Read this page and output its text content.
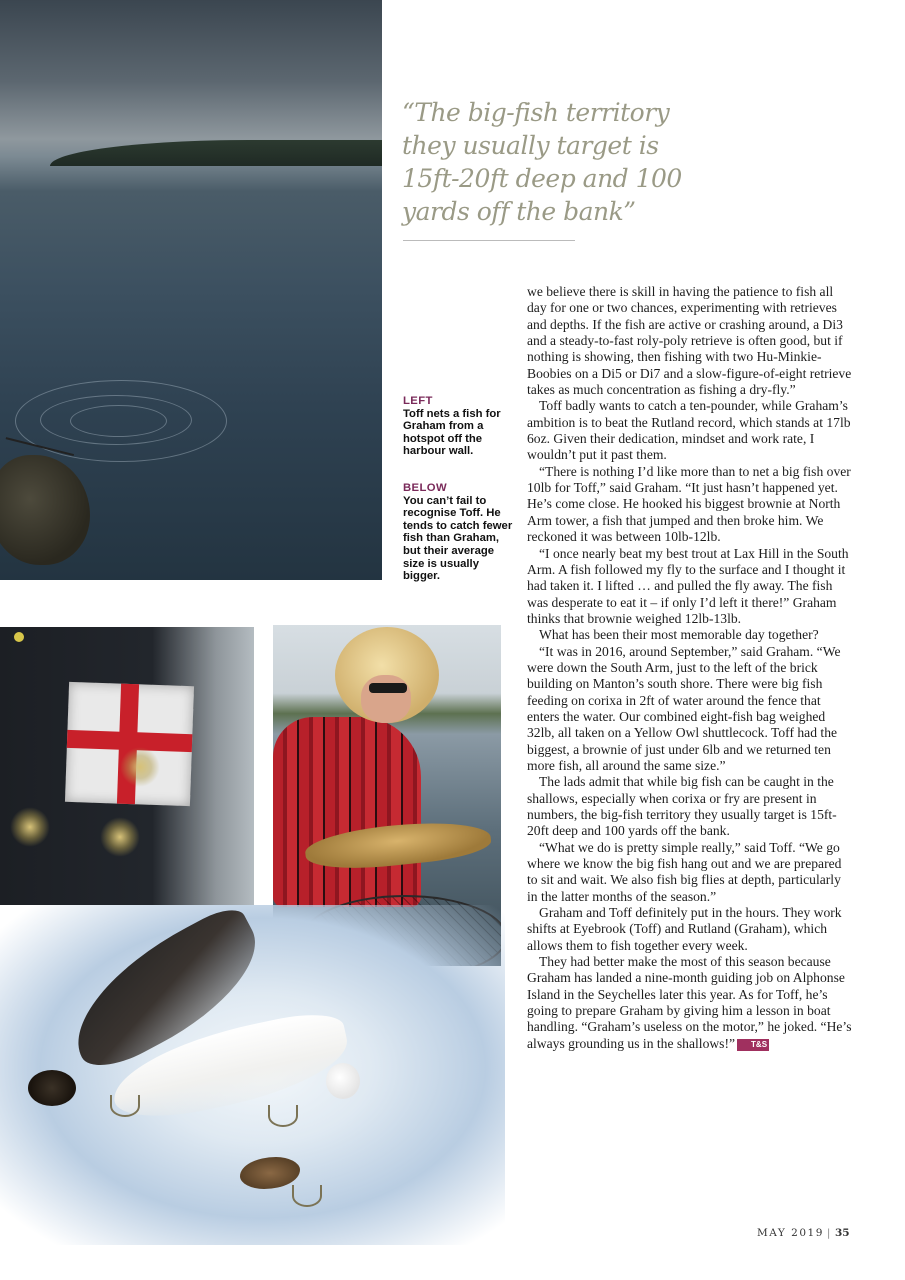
“The big-fish territory they usually target is 15ft-20ft deep and 100 yards off the bank”
LEFT
Toff nets a fish for Graham from a hotspot off the harbour wall.
BELOW
You can’t fail to recognise Toff. He tends to catch fewer fish than Graham, but their average size is usually bigger.

we believe there is skill in having the patience to fish all day for one or two chances, experimenting with retrieves and depths. If the fish are active or crashing around, a Di3 and a steady-to-fast roly-poly retrieve is often good, but if nothing is showing, then fishing with two Hu-Minkie-Boobies on a Di5 or Di7 and a slow-figure-of-eight retrieve takes as much concentration as fishing a dry-fly.”

Toff badly wants to catch a ten-pounder, while Graham’s ambition is to beat the Rutland record, which stands at 17lb 6oz. Given their dedication, mindset and work rate, I wouldn’t put it past them.

“There is nothing I’d like more than to net a big fish over 10lb for Toff,” said Graham. “It just hasn’t happened yet. He’s come close. He hooked his biggest brownie at North Arm tower, a fish that jumped and then broke him. We reckoned it was between 10lb-12lb.

“I once nearly beat my best trout at Lax Hill in the South Arm. A fish followed my fly to the surface and I thought it had taken it. I lifted … and pulled the fly away. The fish was desperate to eat it – if only I’d left it there!” Graham thinks that brownie weighed 12lb-13lb.

What has been their most memorable day together?

“It was in 2016, around September,” said Graham. “We were down the South Arm, just to the left of the brick building on Manton’s south shore. There were big fish feeding on corixa in 2ft of water around the fence that enters the water. Our combined eight-fish bag weighed 32lb, all taken on a Yellow Owl shuttlecock. Toff had the biggest, a brownie of just under 6lb and we returned ten more fish, all around the same size.”

The lads admit that while big fish can be caught in the shallows, especially when corixa or fry are present in numbers, the big-fish territory they usually target is 15ft-20ft deep and 100 yards off the bank.

“What we do is pretty simple really,” said Toff. “We go where we know the big fish hang out and we are prepared to sit and wait. We also fish big flies at depth, particularly in the latter months of the season.”

Graham and Toff definitely put in the hours. They work shifts at Eyebrook (Toff) and Rutland (Graham), which allows them to fish together every week.

They had better make the most of this season because Graham has landed a nine-month guiding job on Alphonse Island in the Seychelles later this year. As for Toff, he’s going to prepare Graham by giving him a lesson in boat handling. “Graham’s useless on the motor,” he joked. “He’s always grounding us in the shallows!” T&S

MAY 2019 | 35
